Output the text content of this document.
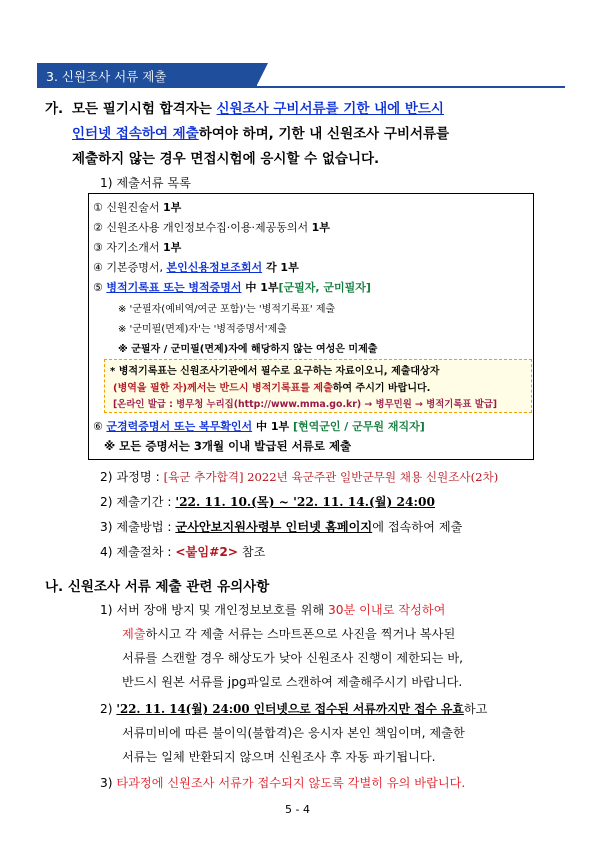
3. 신원조사 서류 제출
가. 모든 필기시험 합격자는 신원조사 구비서류를 기한 내에 반드시
인터넷 접속하여 제출하여야 하며, 기한 내 신원조사 구비서류를
제출하지 않는 경우 면접시험에 응시할 수 없습니다.
1) 제출서류 목록
① 신원진술서 1부
② 신원조사용 개인정보수집·이용·제공동의서 1부
③ 자기소개서 1부
④ 기본증명서, 본인신용정보조회서 각 1부
⑤ 병적기록표 또는 병적증명서 中 1부[군필자, 군미필자]
※ '군필자(예비역/여군 포함)'는 '병적기록표' 제출
※ '군미필(면제)자'는 '병적증명서'제출
※ 군필자 / 군미필(면제)자에 해당하지 않는 여성은 미제출
* 병적기록표는 신원조사기관에서 필수로 요구하는 자료이오니, 제출대상자
(병역을 필한 자)께서는 반드시 병적기록표를 제출하여 주시기 바랍니다.
[온라인 발급 : 병무청 누리집(http://www.mma.go.kr) → 병무민원 → 병적기록표 발급]
⑥ 군경력증명서 또는 복무확인서 中 1부 [현역군인 / 군무원 재직자]
※ 모든 증명서는 3개월 이내 발급된 서류로 제출
2) 과정명 : [육군 추가합격] 2022년 육군주관 일반군무원 채용 신원조사(2차)
2) 제출기간 : '22. 11. 10.(목) ~ '22. 11. 14.(월) 24:00
3) 제출방법 : 군사안보지원사령부 인터넷 홈페이지에 접속하여 제출
4) 제출절차 : <붙임#2> 참조
나. 신원조사 서류 제출 관련 유의사항
1) 서버 장애 방지 및 개인정보보호를 위해 30분 이내로 작성하여
제출하시고 각 제출 서류는 스마트폰으로 사진을 찍거나 복사된
서류를 스캔할 경우 해상도가 낮아 신원조사 진행이 제한되는 바,
반드시 원본 서류를 jpg파일로 스캔하여 제출해주시기 바랍니다.
2) '22. 11. 14(월) 24:00 인터넷으로 접수된 서류까지만 접수 유효하고
서류미비에 따른 불이익(불합격)은 응시자 본인 책임이며, 제출한
서류는 일체 반환되지 않으며 신원조사 후 자동 파기됩니다.
3) 타과정에 신원조사 서류가 접수되지 않도록 각별히 유의 바랍니다.
5 - 4
